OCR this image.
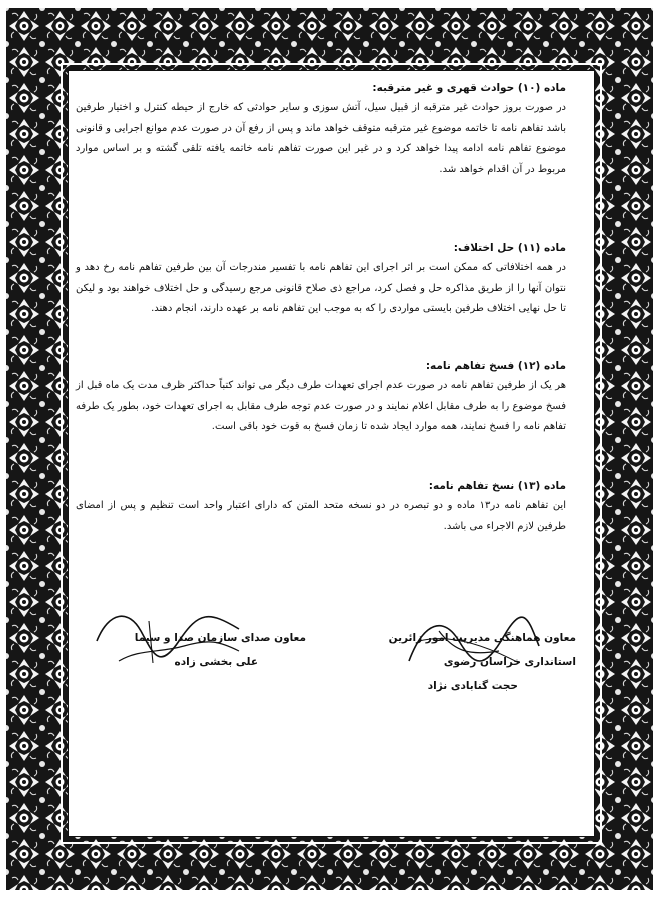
ماده (١٠) حوادث قهری و غیر مترقبه:

در صورت بروز حوادث غیر مترقبه از قبیل سیل، آتش سوزی و سایر حوادثی که خارج از حیطه کنترل و اختیار طرفین باشد تفاهم نامه تا خاتمه موضوع غیر مترقبه متوقف خواهد ماند و پس از رفع آن در صورت عدم موانع اجرایی و قانونی موضوع تفاهم نامه ادامه پیدا خواهد کرد و در غیر این صورت تفاهم نامه خاتمه یافته تلقی گشته و بر اساس موارد مربوط در آن اقدام خواهد شد.

ماده (١١) حل اختلاف:

در همه اختلافاتی که ممکن است بر اثر اجرای این تفاهم نامه با تفسیر مندرجات آن بین طرفین تفاهم نامه رخ دهد و نتوان آنها را از طریق مذاکره حل و فصل کرد، مراجع ذی صلاح قانونی مرجع رسیدگی و حل اختلاف خواهند بود و لیکن تا حل نهایی اختلاف طرفین بایستی مواردی را که به موجب این تفاهم نامه بر عهده دارند، انجام دهند.

ماده (١٢) فسخ تفاهم نامه:

هر یک از طرفین تفاهم نامه در صورت عدم اجرای تعهدات طرف دیگر می تواند کتباً حداکثر ظرف مدت یک ماه قبل از فسخ موضوع را به طرف مقابل اعلام نمایند و در صورت عدم توجه طرف مقابل به اجرای تعهدات خود، بطور یک طرفه تفاهم نامه را فسخ نمایند، همه موارد ایجاد شده تا زمان فسخ به قوت خود باقی است.

ماده (١٣) نسخ تفاهم نامه:

این تفاهم نامه در١٣ ماده و دو تبصره در دو نسخه متحد المتن که دارای اعتبار واحد است تنظیم و پس از امضای طرفین لازم الاجراء می باشد.

معاون هماهنگی مدیریت امور زائرین
استانداری خراسان رضوی
حجت گنابادی نژاد
معاون صدای سازمان صدا و سیما
علی بخشی زاده
